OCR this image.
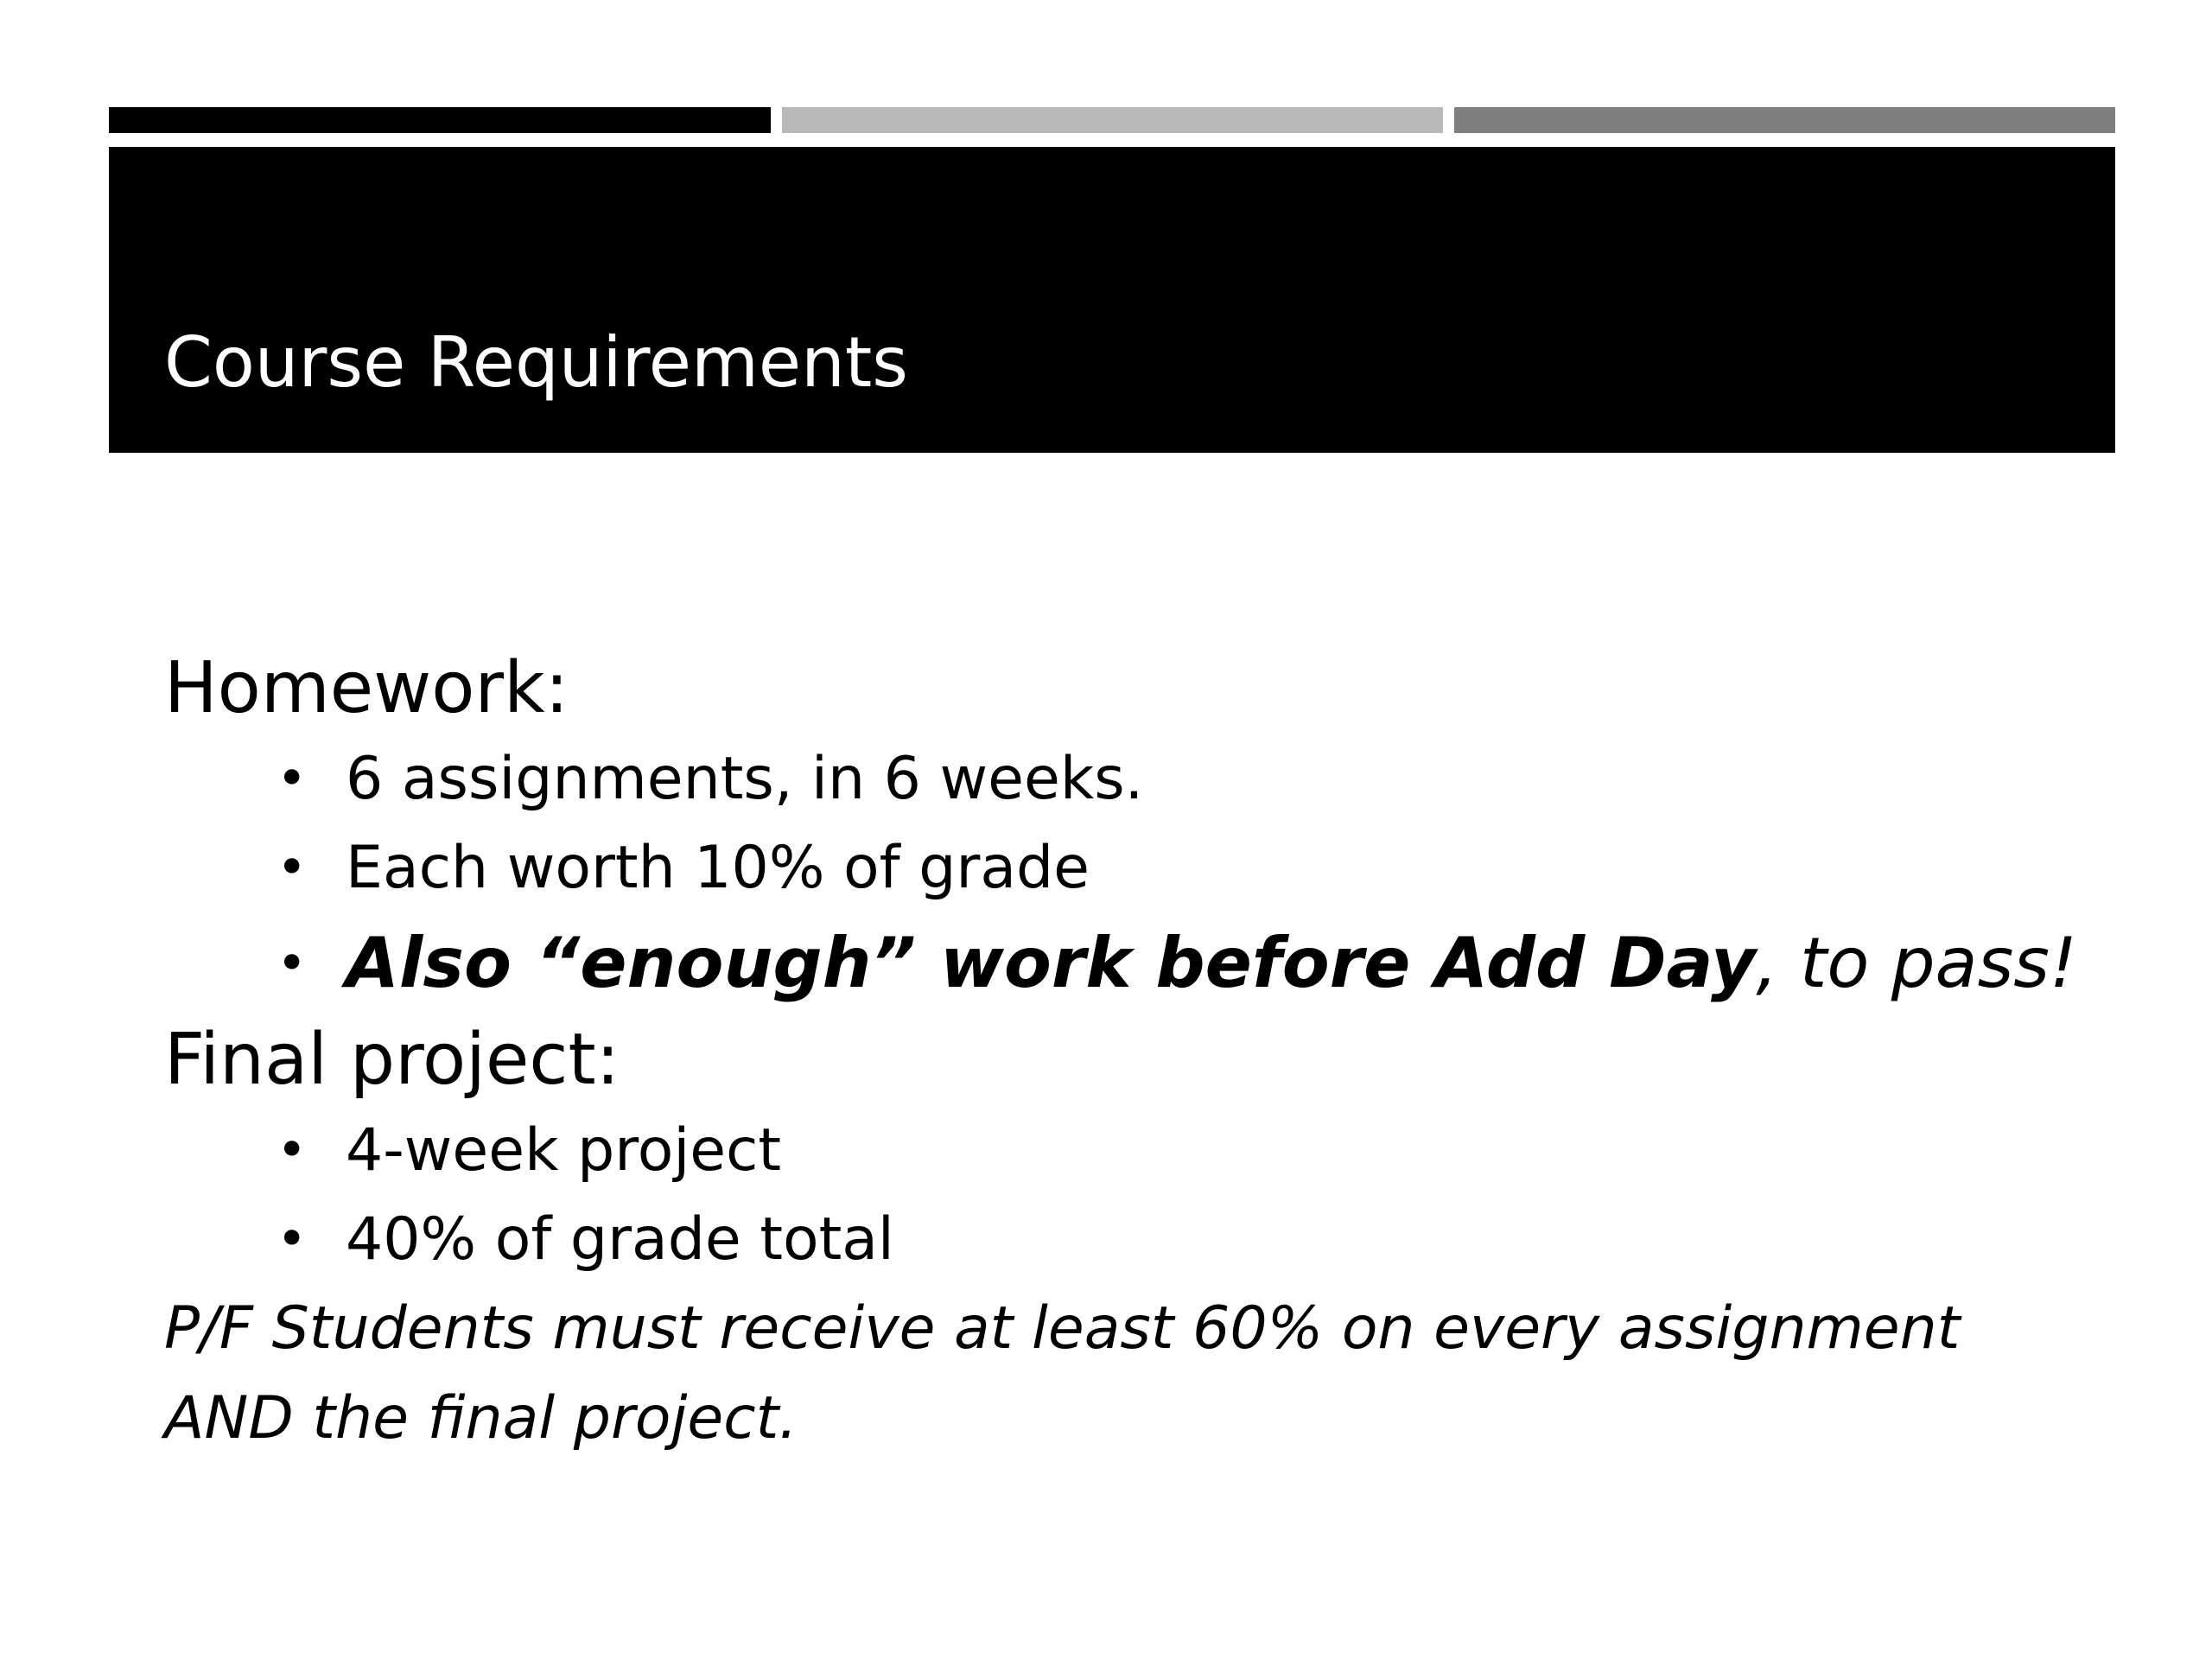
Course Requirements

Homework:

• 6 assignments, in 6 weeks.
• Each worth 10% of grade
• Also “enough” work before Add Day, to pass!

Final project:

• 4-week project
• 40% of grade total

P/F Students must receive at least 60% on every assignment AND the final project.
